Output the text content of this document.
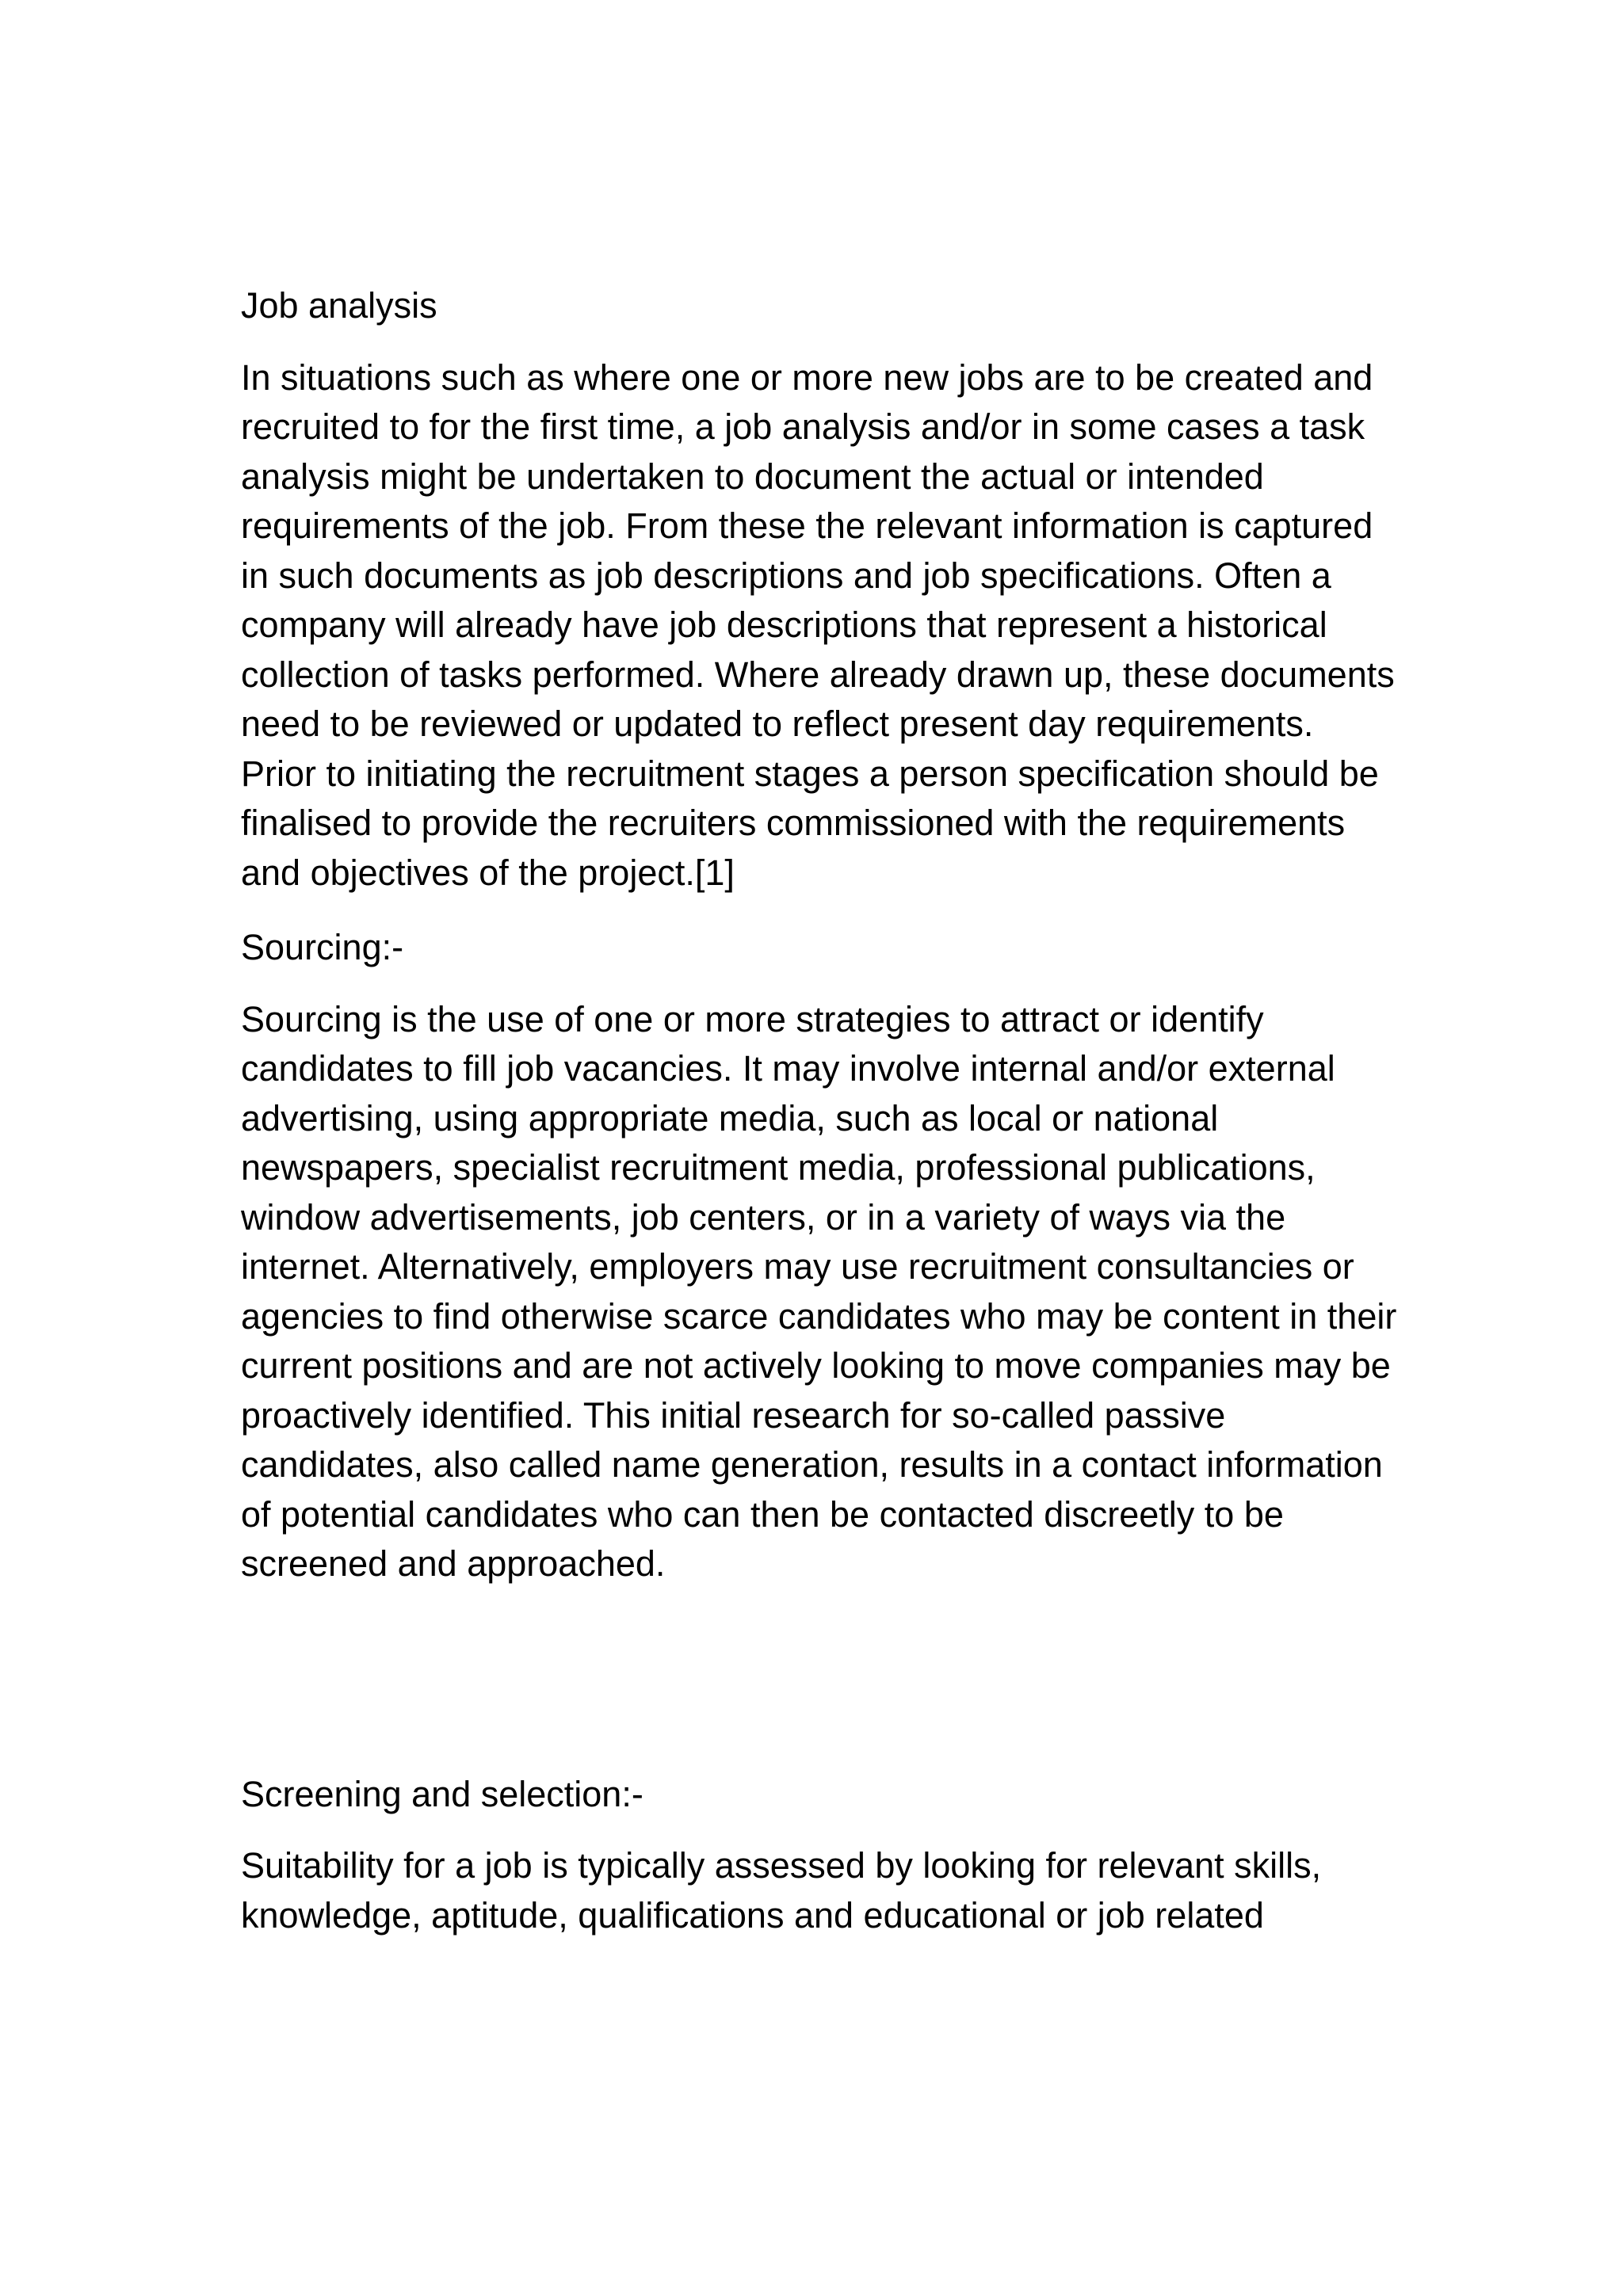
Job analysis

In situations such as where one or more new jobs are to be created and recruited to for the first time, a job analysis and/or in some cases a task analysis might be undertaken to document the actual or intended requirements of the job. From these the relevant information is captured in such documents as job descriptions and job specifications. Often a company will already have job descriptions that represent a historical collection of tasks performed. Where already drawn up, these documents need to be reviewed or updated to reflect present day requirements. Prior to initiating the recruitment stages a person specification should be finalised to provide the recruiters commissioned with the requirements and objectives of the project.[1]

Sourcing:-

Sourcing is the use of one or more strategies to attract or identify candidates to fill job vacancies. It may involve internal and/or external advertising, using appropriate media, such as local or national newspapers, specialist recruitment media, professional publications, window advertisements, job centers, or in a variety of ways via the internet. Alternatively, employers may use recruitment consultancies or agencies to find otherwise scarce candidates who may be content in their current positions and are not actively looking to move companies may be proactively identified. This initial research for so-called passive candidates, also called name generation, results in a contact information of potential candidates who can then be contacted discreetly to be screened and approached.

Screening and selection:-

Suitability for a job is typically assessed by looking for relevant skills, knowledge, aptitude, qualifications and educational or job related
